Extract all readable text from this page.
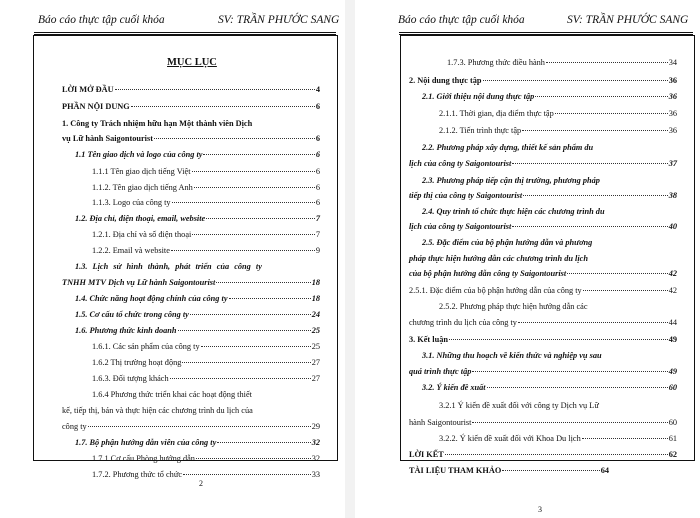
Báo cáo thực tập cuối khóa	SV: TRẦN PHƯỚC SANG
MỤC LỤC
LỜI MỞ ĐẦU	4
PHẦN NỘI DUNG	6
1. Công ty Trách nhiệm hữu hạn Một thành viên Dịch
vụ Lữ hành Saigontourist	6
1.1 Tên giao dịch và logo của công ty	6
1.1.1 Tên giao dịch tiếng Việt	6
1.1.2. Tên giao dịch tiếng Anh	6
1.1.3. Logo của công ty	6
1.2. Địa chỉ, điện thoại, email, website	7
1.2.1. Địa chỉ và số điện thoại	7
1.2.2. Email và website	9
1.3. Lịch sử hình thành, phát triển của công ty
TNHH MTV Dịch vụ Lữ hành Saigontourist	18
1.4. Chức năng hoạt động chính của công ty	18
1.5. Cơ cấu tổ chức trong công ty	24
1.6. Phương thức kinh doanh	25
1.6.1. Các sản phẩm của công ty	25
1.6.2 Thị trường hoạt động	27
1.6.3. Đối tượng khách	27
1.6.4 Phương thức triển khai các hoạt động thiết
kế, tiếp thị, bán và thực hiện các chương trình du lịch của
công ty	29
1.7. Bộ phận hướng dẫn viên của công ty	32
1.7.1 Cơ cấu Phòng hướng dẫn	32
1.7.2. Phương thức tổ chức	33
2
Báo cáo thực tập cuối khóa	SV: TRẦN PHƯỚC SANG
1.7.3. Phương thức điều hành	34
2. Nội dung thực tập	36
2.1. Giới thiệu nội dung thực tập	36
2.1.1. Thời gian, địa điểm thực tập	36
2.1.2. Tiến trình thực tập	36
2.2. Phương pháp xây dựng, thiết kế sản phẩm du
lịch của công ty Saigontourist	37
2.3. Phương pháp tiếp cận thị trường, phương pháp
tiếp thị của công ty Saigontourist	38
2.4. Quy trình tổ chức thực hiện các chương trình du
lịch của công ty Saigontourist	40
2.5. Đặc điểm của bộ phận hướng dẫn và phương
pháp thực hiện hướng dẫn các chương trình du lịch
của bộ phận hướng dẫn công ty Saigontourist	42
2.5.1. Đặc điểm của bộ phận hướng dẫn của công ty	42
2.5.2. Phương pháp thực hiện hướng dẫn các
chương trình du lịch của công ty	44
3. Kết luận	49
3.1. Những thu hoạch về kiến thức và nghiệp vụ sau
quá trình thực tập	49
3.2. Ý kiến đề xuất	60
3.2.1 Ý kiến đề xuất đối với công ty Dịch vụ Lữ
hành Saigontourist	60
3.2.2. Ý kiến đề xuất đối với Khoa Du lịch	61
LỜI KẾT	62
TÀI LIỆU THAM KHẢO	64
3
